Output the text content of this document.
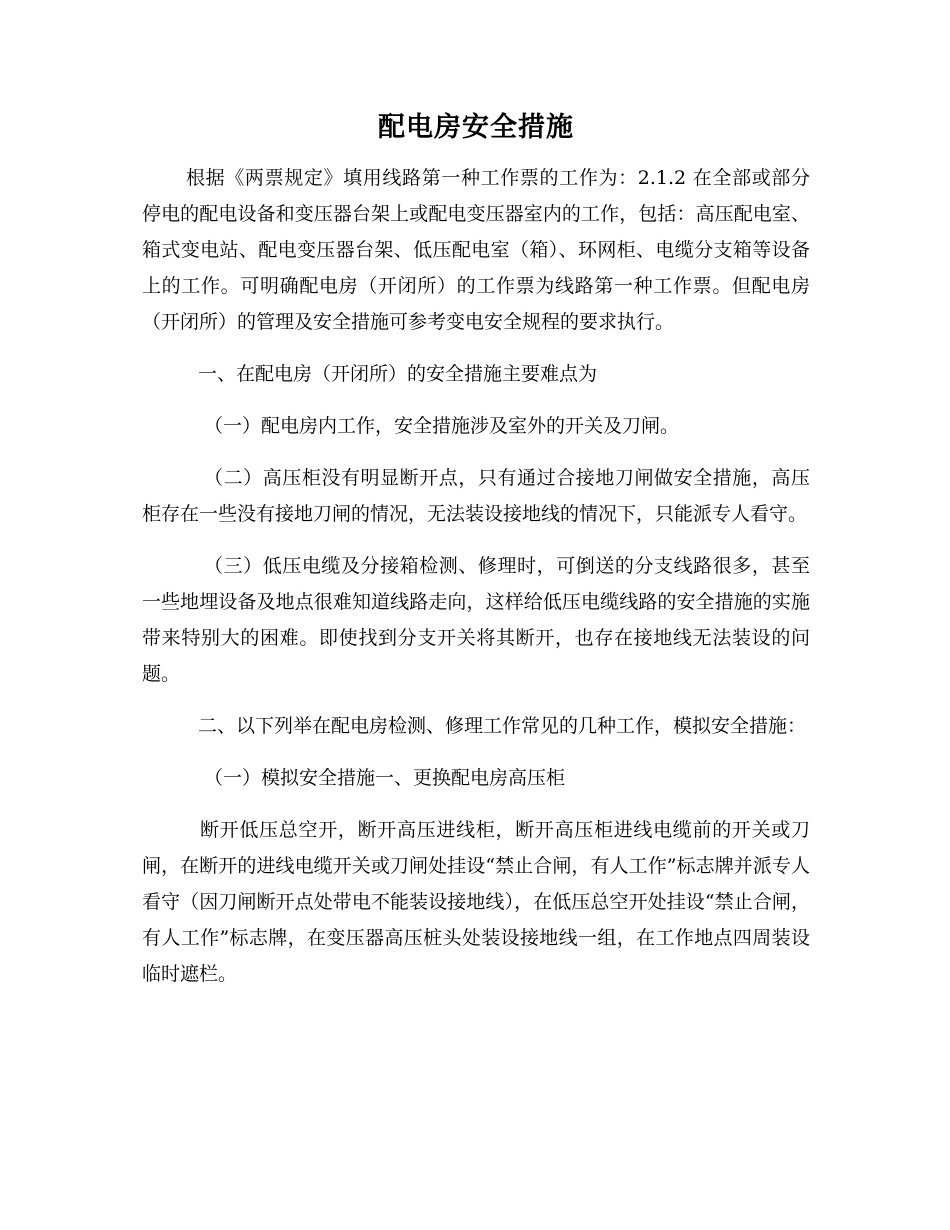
配电房安全措施

根据《两票规定》填用线路第一种工作票的工作为：2.1.2 在全部或部分停电的配电设备和变压器台架上或配电变压器室内的工作，包括：高压配电室、箱式变电站、配电变压器台架、低压配电室（箱）、环网柜、电缆分支箱等设备上的工作。可明确配电房（开闭所）的工作票为线路第一种工作票。但配电房（开闭所）的管理及安全措施可参考变电安全规程的要求执行。

一、在配电房（开闭所）的安全措施主要难点为

（一）配电房内工作，安全措施涉及室外的开关及刀闸。

（二）高压柜没有明显断开点，只有通过合接地刀闸做安全措施，高压柜存在一些没有接地刀闸的情况，无法装设接地线的情况下，只能派专人看守。

（三）低压电缆及分接箱检测、修理时，可倒送的分支线路很多，甚至一些地埋设备及地点很难知道线路走向，这样给低压电缆线路的安全措施的实施带来特别大的困难。即使找到分支开关将其断开，也存在接地线无法装设的问题。

二、以下列举在配电房检测、修理工作常见的几种工作，模拟安全措施：

（一）模拟安全措施一、更换配电房高压柜

断开低压总空开，断开高压进线柜，断开高压柜进线电缆前的开关或刀闸，在断开的进线电缆开关或刀闸处挂设“禁止合闸，有人工作”标志牌并派专人看守（因刀闸断开点处带电不能装设接地线），在低压总空开处挂设“禁止合闸，有人工作”标志牌，在变压器高压桩头处装设接地线一组，在工作地点四周装设临时遮栏。
